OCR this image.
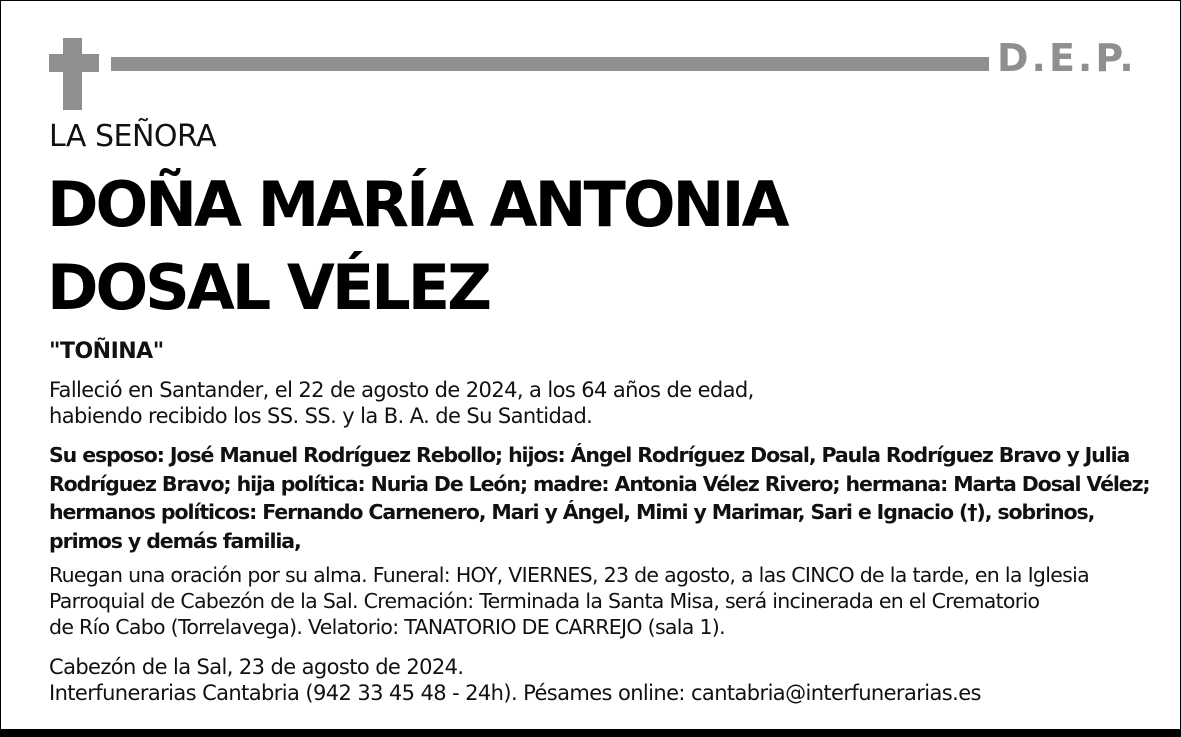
D.E.P.
LA SEÑORA
DOÑA MARÍA ANTONIA
DOSAL VÉLEZ
"TOÑINA"
Falleció en Santander, el 22 de agosto de 2024, a los 64 años de edad,
habiendo recibido los SS. SS. y la B. A. de Su Santidad.
Su esposo: José Manuel Rodríguez Rebollo; hijos: Ángel Rodríguez Dosal, Paula Rodríguez Bravo y Julia
Rodríguez Bravo; hija política: Nuria De León; madre: Antonia Vélez Rivero; hermana: Marta Dosal Vélez;
hermanos políticos: Fernando Carnenero, Mari y Ángel, Mimi y Marimar, Sari e Ignacio (†), sobrinos,
primos y demás familia,
Ruegan una oración por su alma. Funeral: HOY, VIERNES, 23 de agosto, a las CINCO de la tarde, en la Iglesia
Parroquial de Cabezón de la Sal. Cremación: Terminada la Santa Misa, será incinerada en el Crematorio
de Río Cabo (Torrelavega). Velatorio: TANATORIO DE CARREJO (sala 1).
Cabezón de la Sal, 23 de agosto de 2024.
Interfunerarias Cantabria (942 33 45 48 - 24h). Pésames online: cantabria@interfunerarias.es
